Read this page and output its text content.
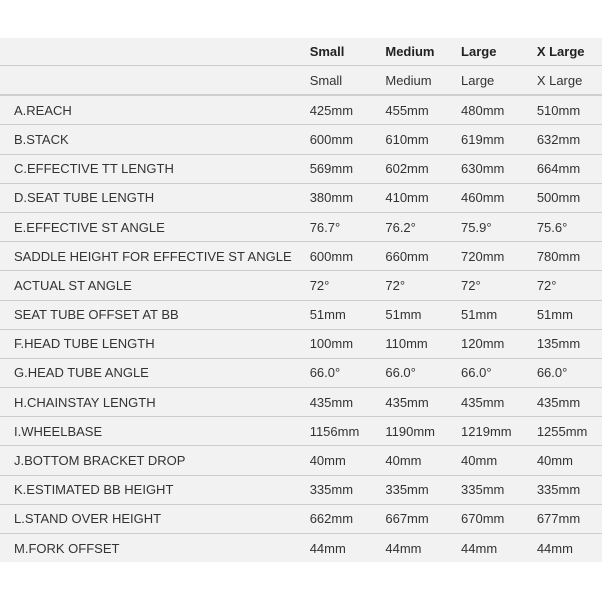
	Small	Medium	Large	X Large
	Small	Medium	Large	X Large
A.REACH	425mm	455mm	480mm	510mm
B.STACK	600mm	610mm	619mm	632mm
C.EFFECTIVE TT LENGTH	569mm	602mm	630mm	664mm
D.SEAT TUBE LENGTH	380mm	410mm	460mm	500mm
E.EFFECTIVE ST ANGLE	76.7°	76.2°	75.9°	75.6°
SADDLE HEIGHT FOR EFFECTIVE ST ANGLE	600mm	660mm	720mm	780mm
ACTUAL ST ANGLE	72°	72°	72°	72°
SEAT TUBE OFFSET AT BB	51mm	51mm	51mm	51mm
F.HEAD TUBE LENGTH	100mm	110mm	120mm	135mm
G.HEAD TUBE ANGLE	66.0°	66.0°	66.0°	66.0°
H.CHAINSTAY LENGTH	435mm	435mm	435mm	435mm
I.WHEELBASE	1156mm	1190mm	1219mm	1255mm
J.BOTTOM BRACKET DROP	40mm	40mm	40mm	40mm
K.ESTIMATED BB HEIGHT	335mm	335mm	335mm	335mm
L.STAND OVER HEIGHT	662mm	667mm	670mm	677mm
M.FORK OFFSET	44mm	44mm	44mm	44mm
